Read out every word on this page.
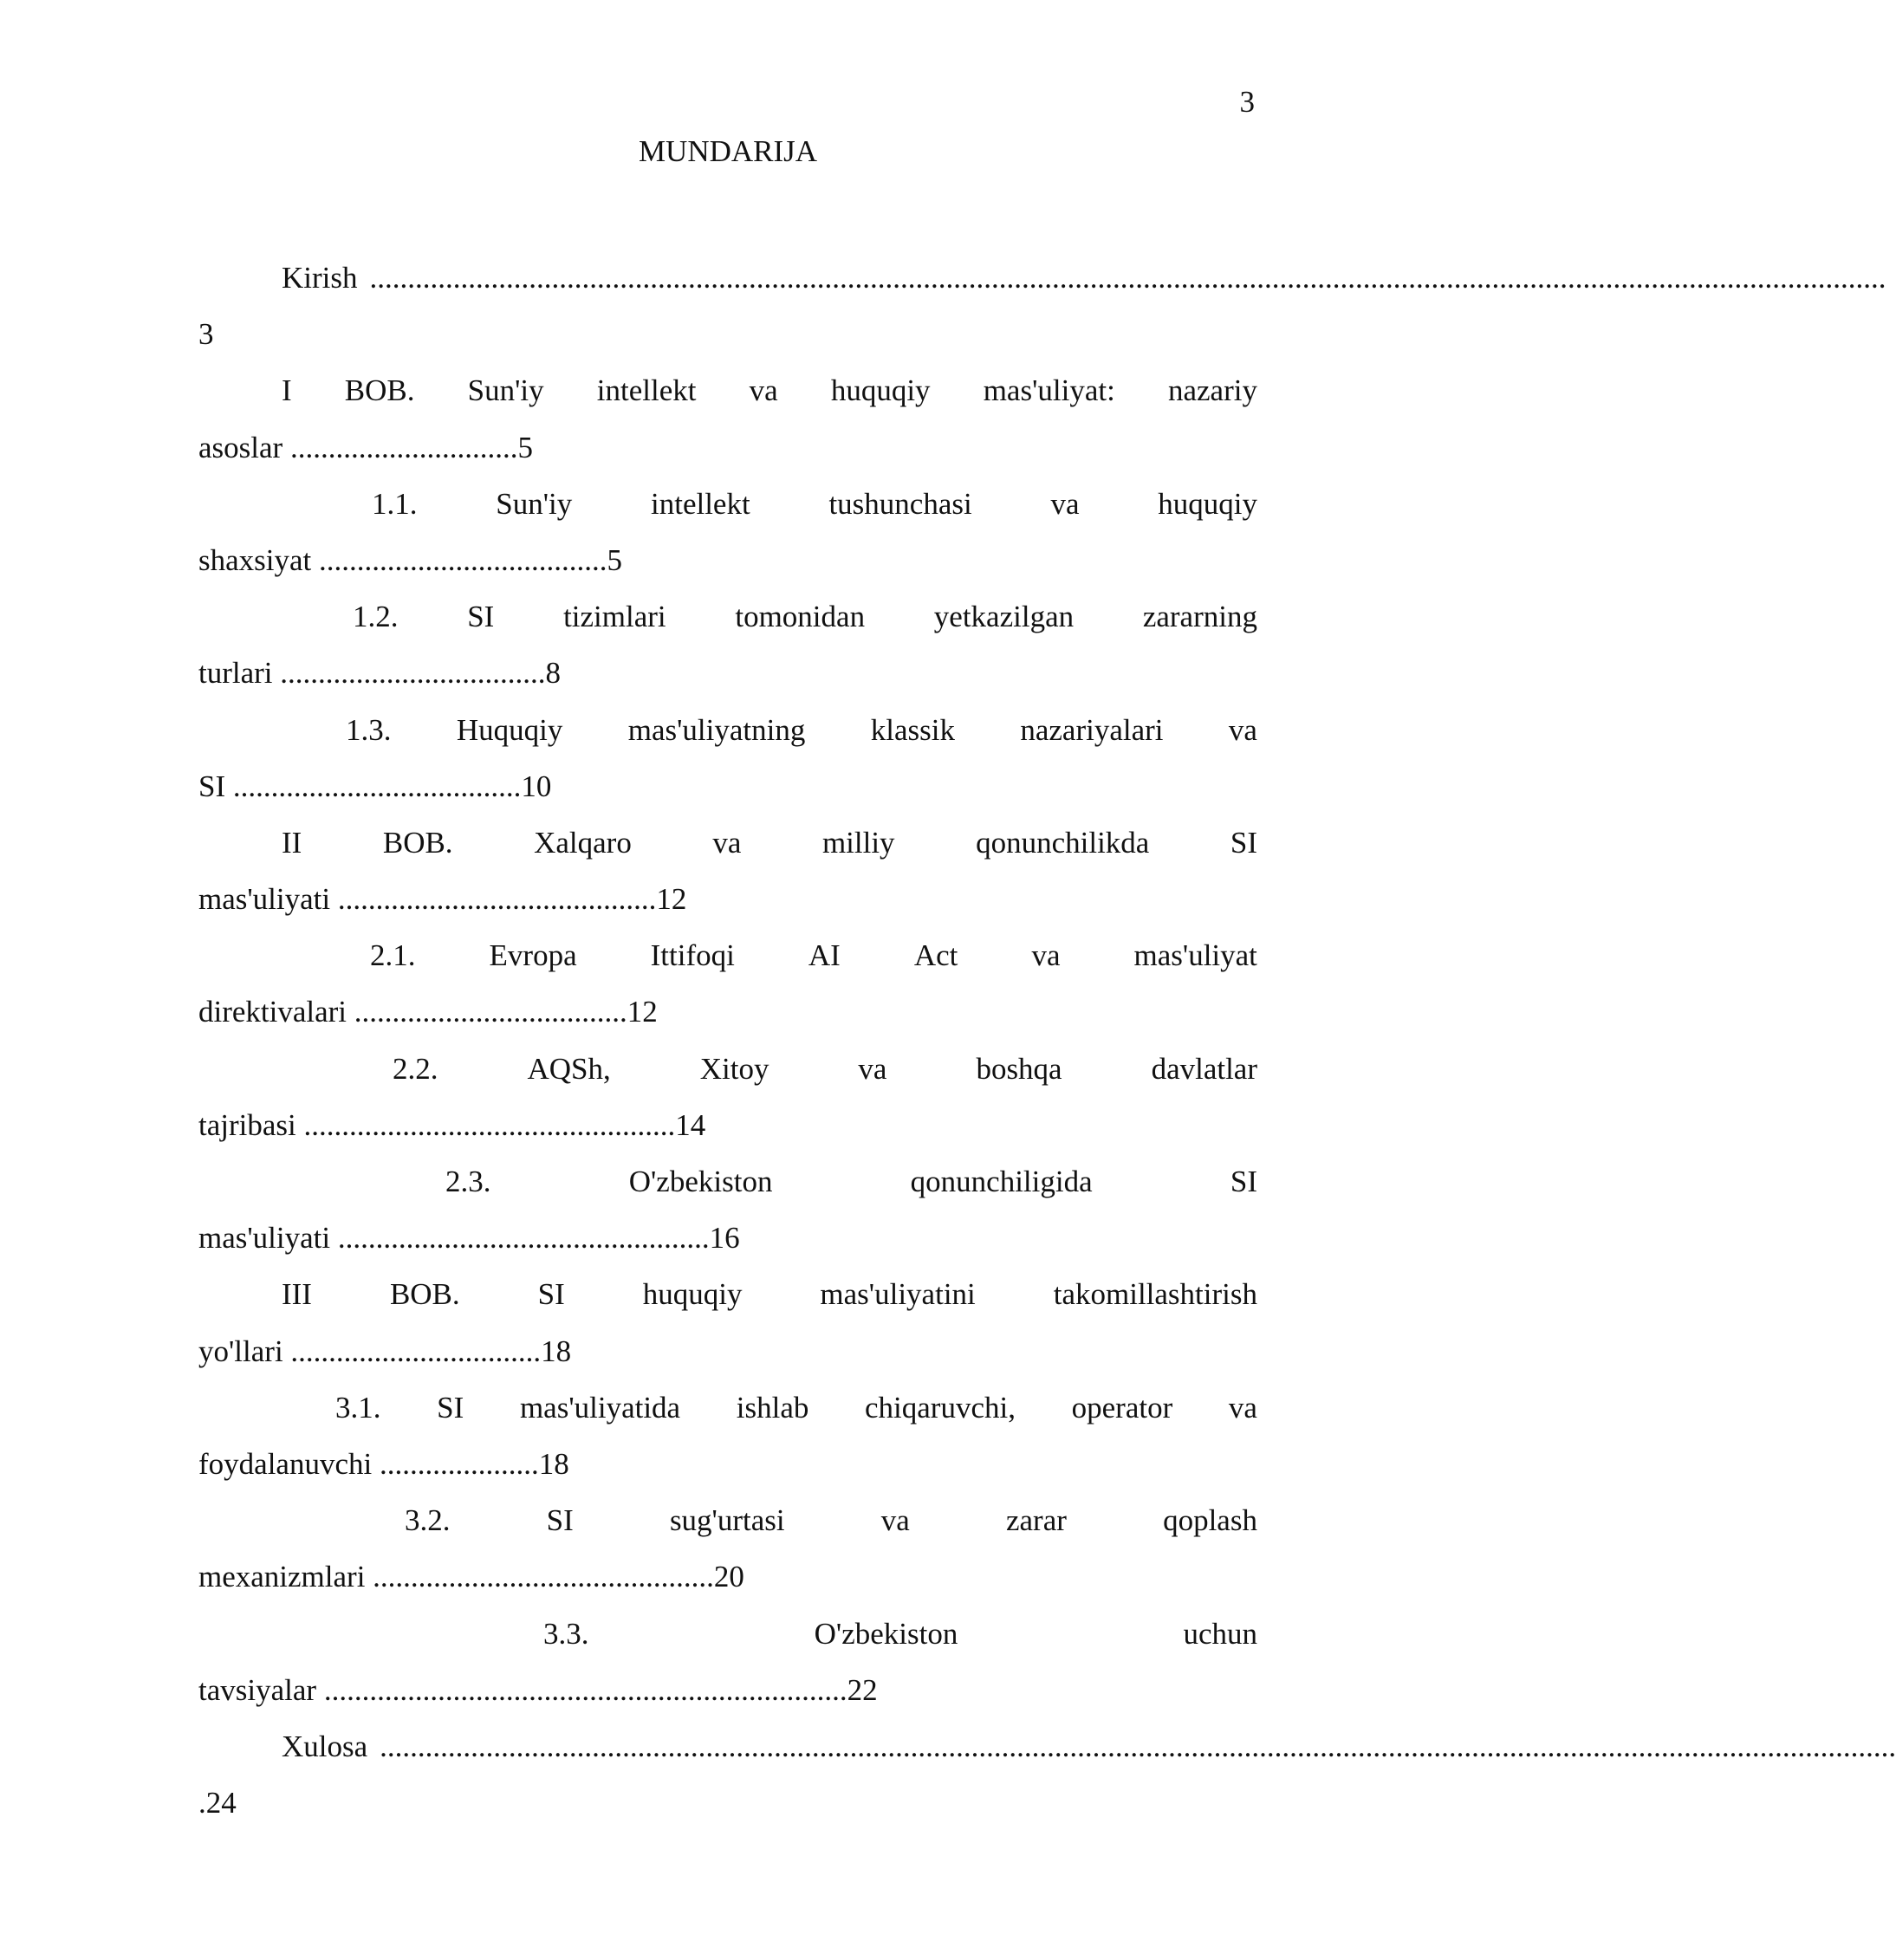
3
MUNDARIJA
Kirish ........................................................................................................................................................................................................
3
I BOB. Sun'iy intellekt va huquqiy mas'uliyat: nazariy
asoslar ..............................5
1.1.	Sun'iy	intellekt	tushunchasi	va	huquqiy
shaxsiyat ......................................5
1.2. SI tizimlari tomonidan yetkazilgan zararning
turlari ...................................8
1.3. Huquqiy mas'uliyatning klassik nazariyalari va
SI ......................................10
II	BOB.	Xalqaro	va	milliy	qonunchilikda	SI
mas'uliyati ..........................................12
2.1. Evropa Ittifoqi AI Act va mas'uliyat
direktivalari ....................................12
2.2.	AQSh,	Xitoy	va	boshqa	davlatlar
tajribasi .................................................14
2.3.	O'zbekiston	qonunchiligida	SI
mas'uliyati .................................................16
III	BOB.	SI	huquqiy	mas'uliyatini	takomillashtirish
yo'llari .................................18
3.1. SI mas'uliyatida ishlab chiqaruvchi, operator va
foydalanuvchi .....................18
3.2.	SI	sug'urtasi	va	zarar	qoplash
mexanizmlari .............................................20
3.3.	O'zbekiston	uchun
tavsiyalar .....................................................................22
Xulosa ........................................................................................................................................................................................................
.24
